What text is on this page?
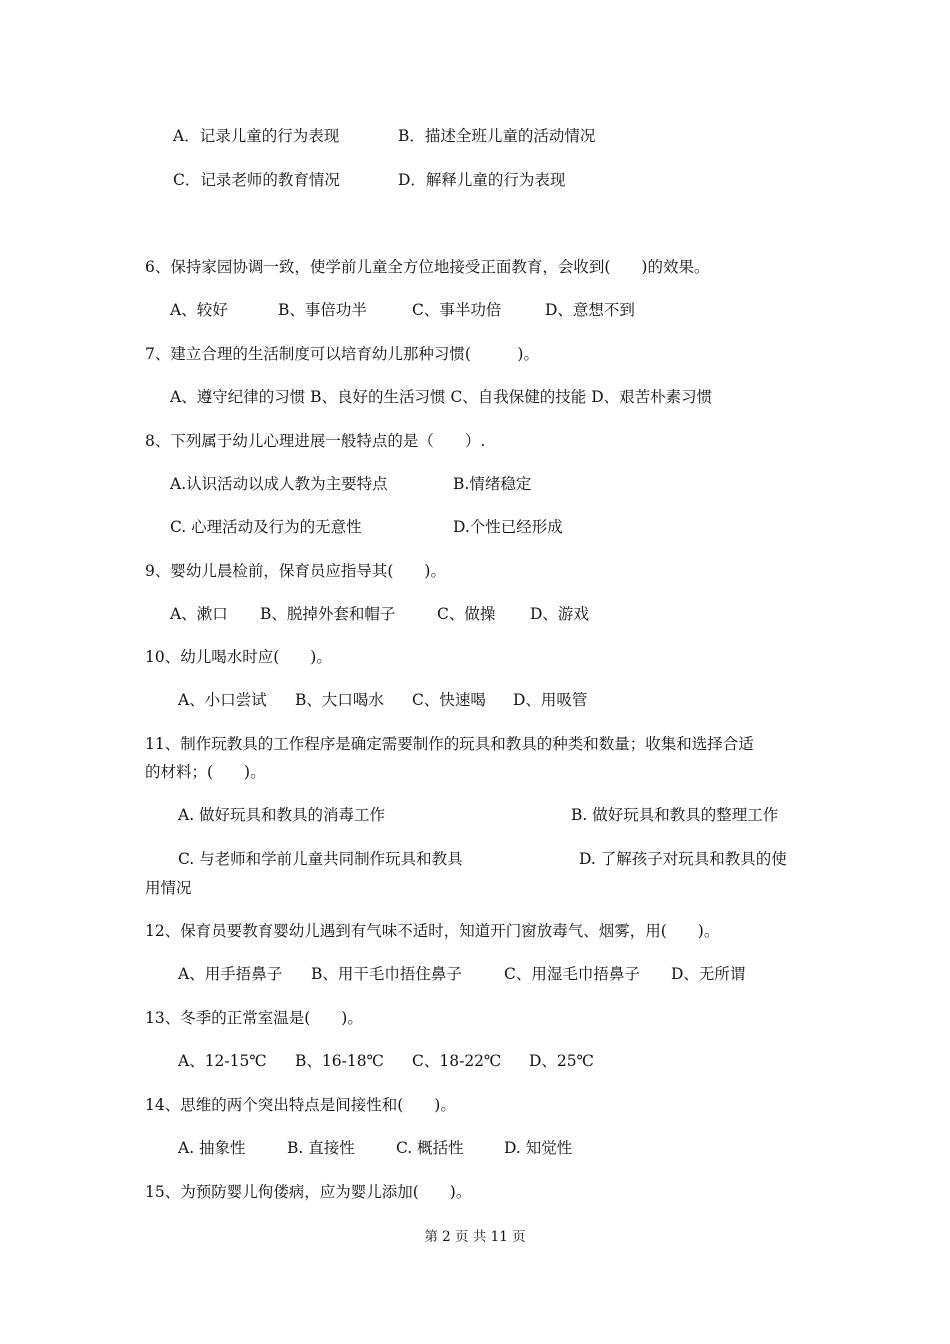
A．记录儿童的行为表现	B．描述全班儿童的活动情况
C．记录老师的教育情况	D．解释儿童的行为表现
6、保持家园协调一致，使学前儿童全方位地接受正面教育，会收到(　　)的效果。
A、较好	B、事倍功半	C、事半功倍	D、意想不到
7、建立合理的生活制度可以培育幼儿那种习惯(　　　)。
A、遵守纪律的习惯 B、良好的生活习惯 C、自我保健的技能 D、艰苦朴素习惯
8、下列属于幼儿心理进展一般特点的是（　　）.
A.认识活动以成人教为主要特点	B.情绪稳定
C. 心理活动及行为的无意性	D.个性已经形成
9、婴幼儿晨检前，保育员应指导其(　　)。
A、漱口 B、脱掉外套和帽子	C、做操 D、游戏
10、幼儿喝水时应(　　)。
A、小口尝试 B、大口喝水 C、快速喝 D、用吸管
11、制作玩教具的工作程序是确定需要制作的玩具和教具的种类和数量；收集和选择合适
的材料；(　　)。
A. 做好玩具和教具的消毒工作	B. 做好玩具和教具的整理工作
C. 与老师和学前儿童共同制作玩具和教具	D. 了解孩子对玩具和教具的使
用情况
12、保育员要教育婴幼儿遇到有气味不适时，知道开门窗放毒气、烟雾，用(　　)。
A、用手捂鼻子 B、用干毛巾捂住鼻子	C、用湿毛巾捂鼻子 D、无所谓
13、冬季的正常室温是(　　)。
A、12-15℃ B、16-18℃ C、18-22℃ D、25℃
14、思维的两个突出特点是间接性和(　　)。
A. 抽象性	B. 直接性	C. 概括性	D. 知觉性
15、为预防婴儿佝偻病，应为婴儿添加(　　)。
第 2 页 共 11 页
